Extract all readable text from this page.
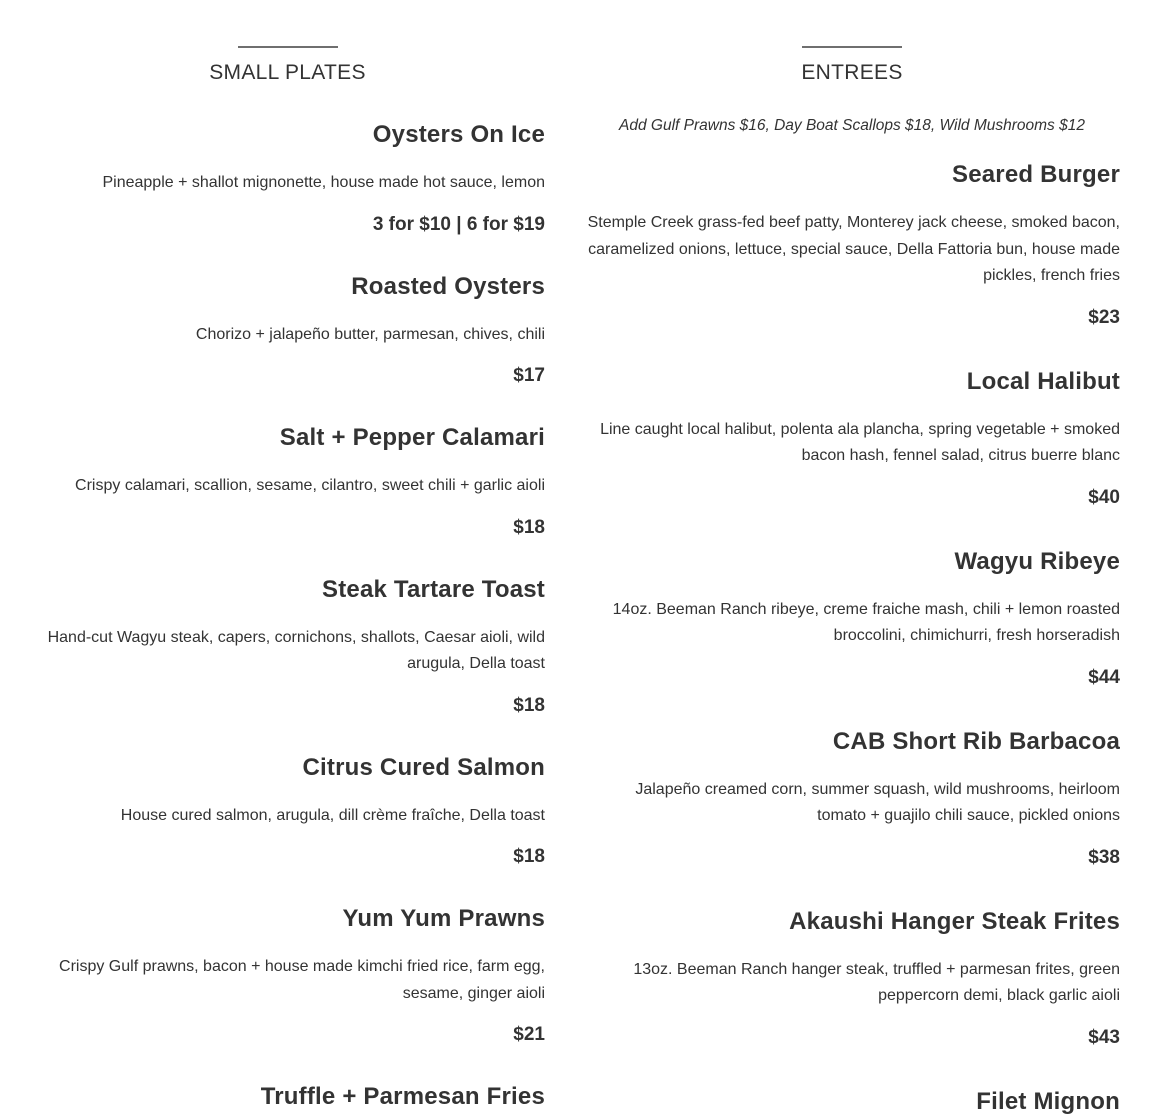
SMALL PLATES
Oysters On Ice
Pineapple + shallot mignonette, house made hot sauce, lemon
3 for $10 | 6 for $19
Roasted Oysters
Chorizo + jalapeño butter, parmesan, chives, chili
$17
Salt + Pepper Calamari
Crispy calamari, scallion, sesame, cilantro, sweet chili + garlic aioli
$18
Steak Tartare Toast
Hand-cut Wagyu steak, capers, cornichons, shallots, Caesar aioli, wild arugula, Della toast
$18
Citrus Cured Salmon
House cured salmon, arugula, dill crème fraîche, Della toast
$18
Yum Yum Prawns
Crispy Gulf prawns, bacon + house made kimchi fried rice, farm egg, sesame, ginger aioli
$21
Truffle + Parmesan Fries
ENTREES
Add Gulf Prawns $16, Day Boat Scallops $18, Wild Mushrooms $12
Seared Burger
Stemple Creek grass-fed beef patty, Monterey jack cheese, smoked bacon, caramelized onions, lettuce, special sauce, Della Fattoria bun, house made pickles, french fries
$23
Local Halibut
Line caught local halibut, polenta ala plancha, spring vegetable + smoked bacon hash, fennel salad, citrus buerre blanc
$40
Wagyu Ribeye
14oz. Beeman Ranch ribeye, creme fraiche mash, chili + lemon roasted broccolini, chimichurri, fresh horseradish
$44
CAB Short Rib Barbacoa
Jalapeño creamed corn, summer squash, wild mushrooms, heirloom tomato + guajilo chili sauce, pickled onions
$38
Akaushi Hanger Steak Frites
13oz. Beeman Ranch hanger steak, truffled + parmesan frites, green peppercorn demi, black garlic aioli
$43
Filet Mignon
